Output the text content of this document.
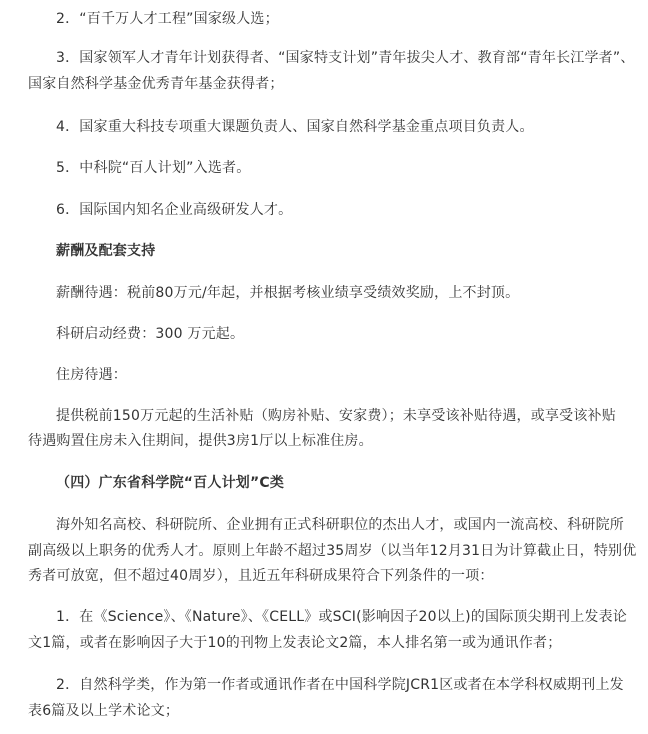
2．“百千万人才工程”国家级人选；
3．国家领军人才青年计划获得者、“国家特支计划”青年拔尖人才、教育部“青年长江学者”、
国家自然科学基金优秀青年基金获得者；
4．国家重大科技专项重大课题负责人、国家自然科学基金重点项目负责人。
5．中科院“百人计划”入选者。
6．国际国内知名企业高级研发人才。
薪酬及配套支持
薪酬待遇：税前80万元/年起，并根据考核业绩享受绩效奖励，上不封顶。
科研启动经费：300 万元起。
住房待遇：
提供税前150万元起的生活补贴（购房补贴、安家费）；未享受该补贴待遇，或享受该补贴
待遇购置住房未入住期间，提供3房1厅以上标准住房。
（四）广东省科学院“百人计划”C类
海外知名高校、科研院所、企业拥有正式科研职位的杰出人才，或国内一流高校、科研院所
副高级以上职务的优秀人才。原则上年龄不超过35周岁（以当年12月31日为计算截止日，特别优
秀者可放宽，但不超过40周岁），且近五年科研成果符合下列条件的一项：
1．在《Science》、《Nature》、《CELL》或SCI(影响因子20以上)的国际顶尖期刊上发表论
文1篇，或者在影响因子大于10的刊物上发表论文2篇，本人排名第一或为通讯作者；
2．自然科学类，作为第一作者或通讯作者在中国科学院JCR1区或者在本学科权威期刊上发
表6篇及以上学术论文；
